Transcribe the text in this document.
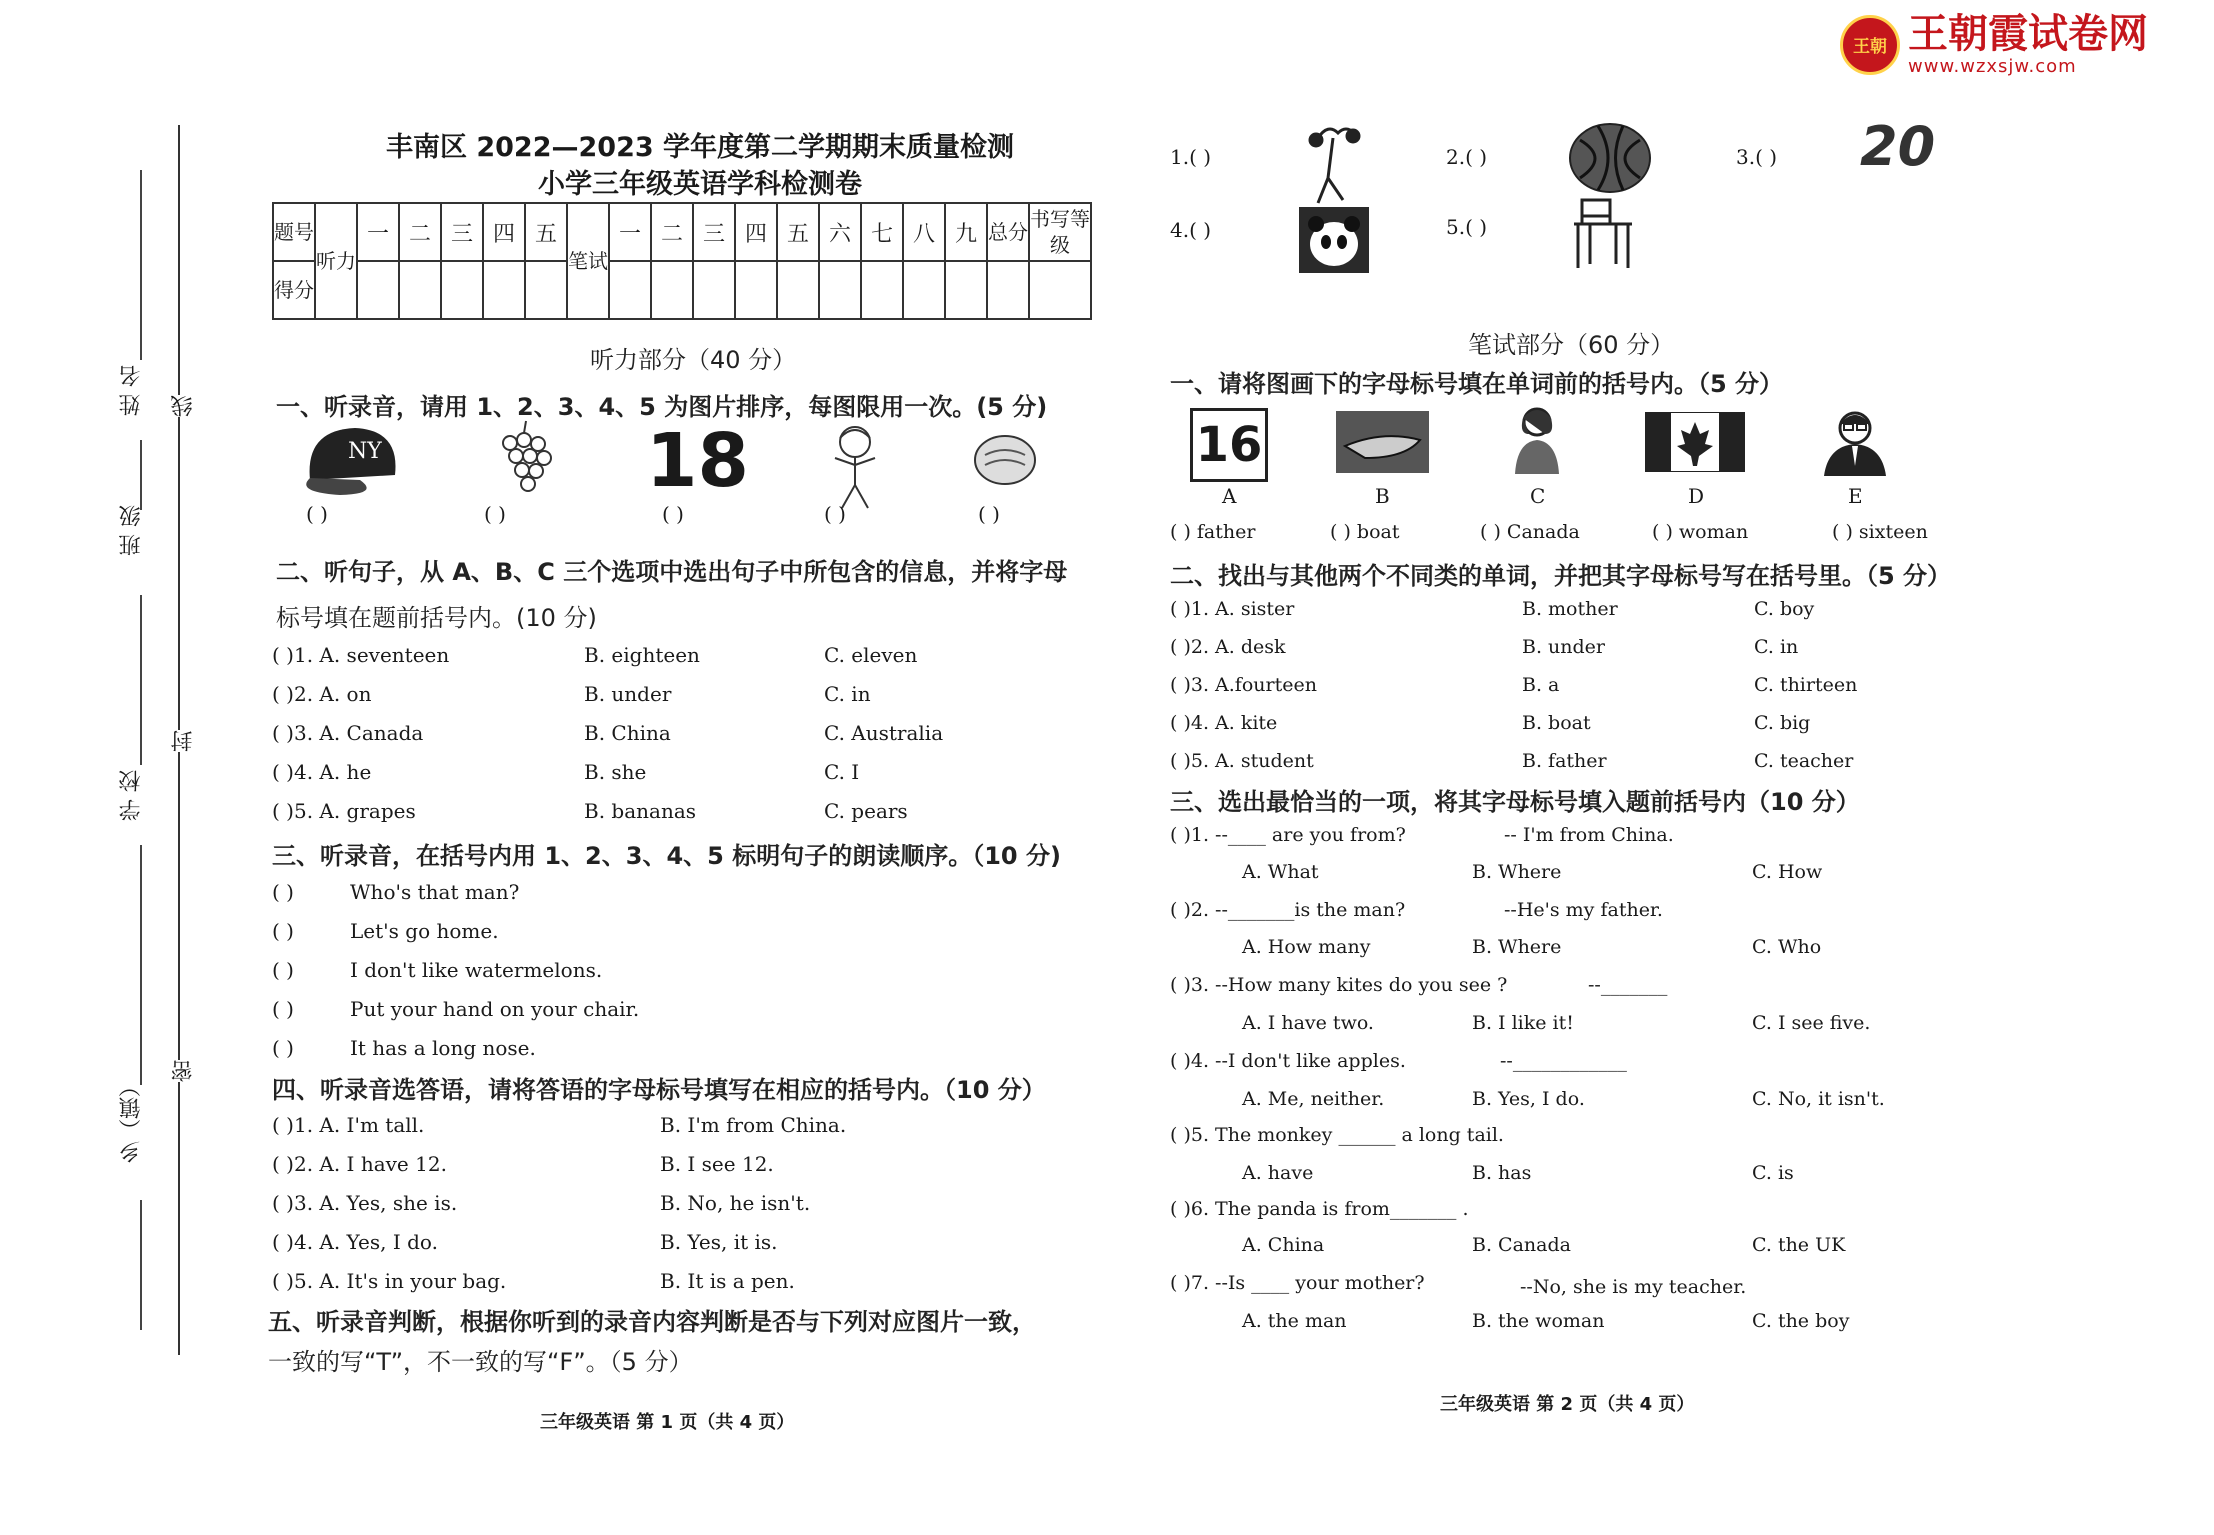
王朝 王朝霞试卷网
www.wzxsjw.com
姓 名
班 级
学 校
乡（镇）
线
封
密
丰南区 2022—2023 学年度第二学期期末质量检测
小学三年级英语学科检测卷
题号	听力	一	二	三	四	五	笔试	一	二	三	四	五	六	七	八	九	总分	书写等级
得分																		
听力部分（40 分）
一、听录音，请用 1、2、3、4、5 为图片排序，每图限用一次。(5 分)
NY	18
( )	( )	( )	( )	( )
二、听句子，从 A、B、C 三个选项中选出句子中所包含的信息，并将字母
标号填在题前括号内。(10 分)
( )1. A. seventeen	B. eighteen	C. eleven
( )2. A. on	B. under	C. in
( )3. A. Canada	B. China	C. Australia
( )4. A. he	B. she	C. I
( )5. A. grapes	B. bananas	C. pears
三、听录音，在括号内用 1、2、3、4、5 标明句子的朗读顺序。（10 分)
( )	Who's that man?
( )	Let's go home.
( )	I don't like watermelons.
( )	Put your hand on your chair.
( )	It has a long nose.
四、听录音选答语，请将答语的字母标号填写在相应的括号内。（10 分）
( )1. A. I'm tall.	B. I'm from China.
( )2. A. I have 12.	B. I see 12.
( )3. A. Yes, she is.	B. No, he isn't.
( )4. A. Yes, I do.	B. Yes, it is.
( )5. A. It's in your bag.	B. It is a pen.
五、听录音判断，根据你听到的录音内容判断是否与下列对应图片一致，
一致的写“T”，不一致的写“F”。（5 分）
三年级英语 第 1 页（共 4 页）
1.( )	2.( )	3.( ) 20
4.( )	5.( )
笔试部分（60 分）
一、请将图画下的字母标号填在单词前的括号内。（5 分）
16
A	B	C	D	E
( ) father	( ) boat	( ) Canada	( ) woman	( ) sixteen
二、找出与其他两个不同类的单词，并把其字母标号写在括号里。（5 分）
( )1. A. sister	B. mother	C. boy
( )2. A. desk	B. under	C. in
( )3. A.fourteen	B. a	C. thirteen
( )4. A. kite	B. boat	C. big
( )5. A. student	B. father	C. teacher
三、选出最恰当的一项，将其字母标号填入题前括号内（10 分）
( )1. --____ are you from?	-- I'm from China.
A. What	B. Where	C. How
( )2. --_______is the man?	--He's my father.
A. How many	B. Where	C. Who
( )3. --How many kites do you see ?	--_______
A. I have two.	B. I like it!	C. I see five.
( )4. --I don't like apples.	--____________
A. Me, neither.	B. Yes, I do.	C. No, it isn't.
( )5. The monkey ______ a long tail.
A. have	B. has	C. is
( )6. The panda is from_______ .
A. China	B. Canada	C. the UK
( )7. --Is ____ your mother?	--No, she is my teacher.
A. the man	B. the woman	C. the boy
三年级英语 第 2 页（共 4 页）
